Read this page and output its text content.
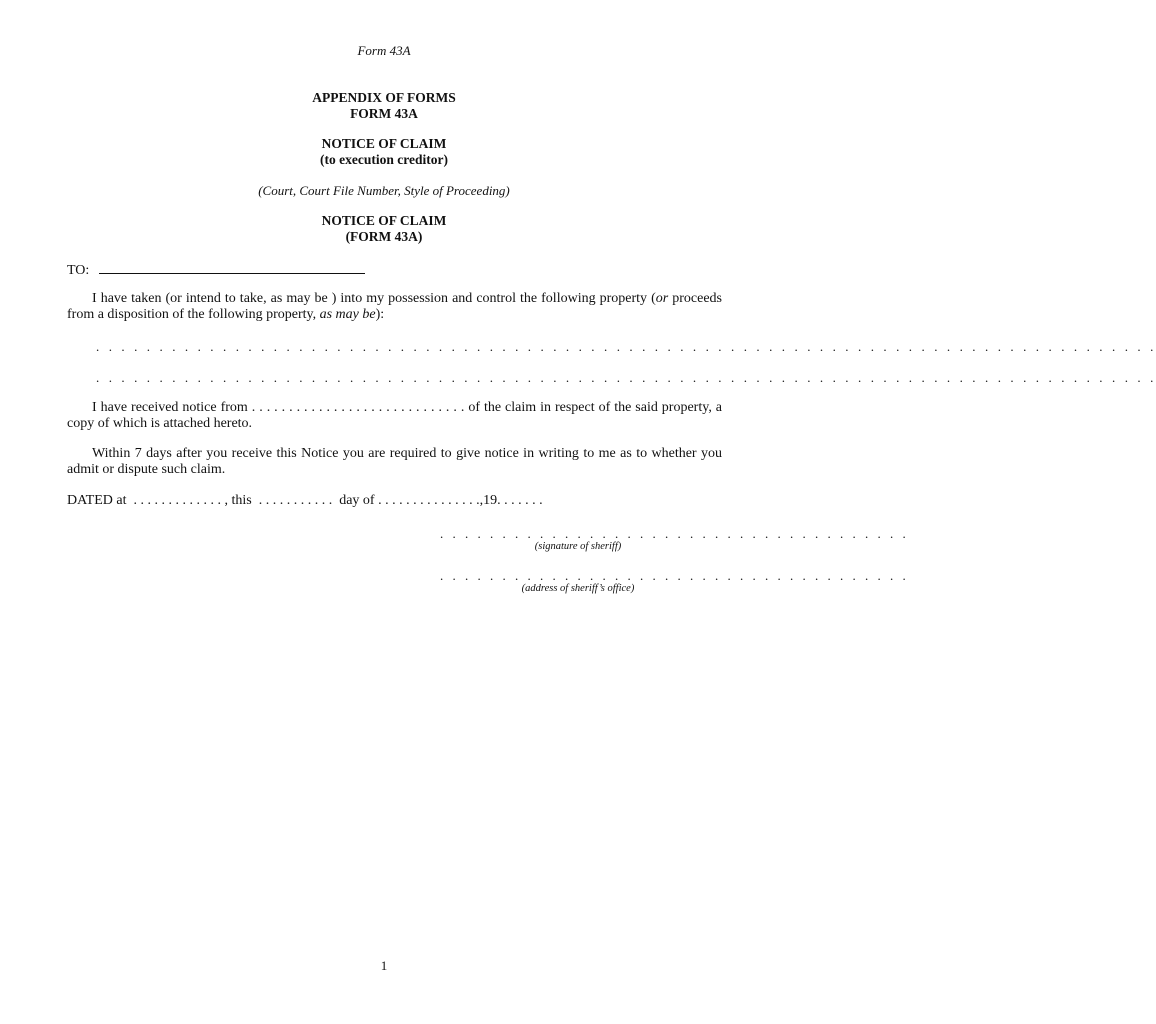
Form 43A
APPENDIX OF FORMS
FORM 43A
NOTICE OF CLAIM
(to execution creditor)
(Court, Court File Number, Style of Proceeding)
NOTICE OF CLAIM
(FORM 43A)
TO:
I have taken (or intend to take, as may be ) into my possession and control the following property (or proceeds from a disposition of the following property, as may be):
. . . . . . . . . . . . . . . . . . . . . . . . . . . . . . . . . . . . . . . . . . . . . . . . . . . . . . . . . . . . . . . . . . . . . . . . . . . . . . . . . . . .
. . . . . . . . . . . . . . . . . . . . . . . . . . . . . . . . . . . . . . . . . . . . . . . . . . . . . . . . . . . . . . . . . . . . . . . . . . . . . . . . . . . .
I have received notice from . . . . . . . . . . . . . . . . . . . . . . . . . . . . . of the claim in respect of the said property, a copy of which is attached hereto.
Within 7 days after you receive this Notice you are required to give notice in writing to me as to whether you admit or dispute such claim.
DATED at  . . . . . . . . . . . . . , this  . . . . . . . . . . .  day of . . . . . . . . . . . . . . .,19. . . . . . .
. . . . . . . . . . . . . . . . . . . . . . . . . . . . . . . . . . . . . .
(signature of sheriff)
. . . . . . . . . . . . . . . . . . . . . . . . . . . . . . . . . . . . . .
(address of sheriff’s office)
1
